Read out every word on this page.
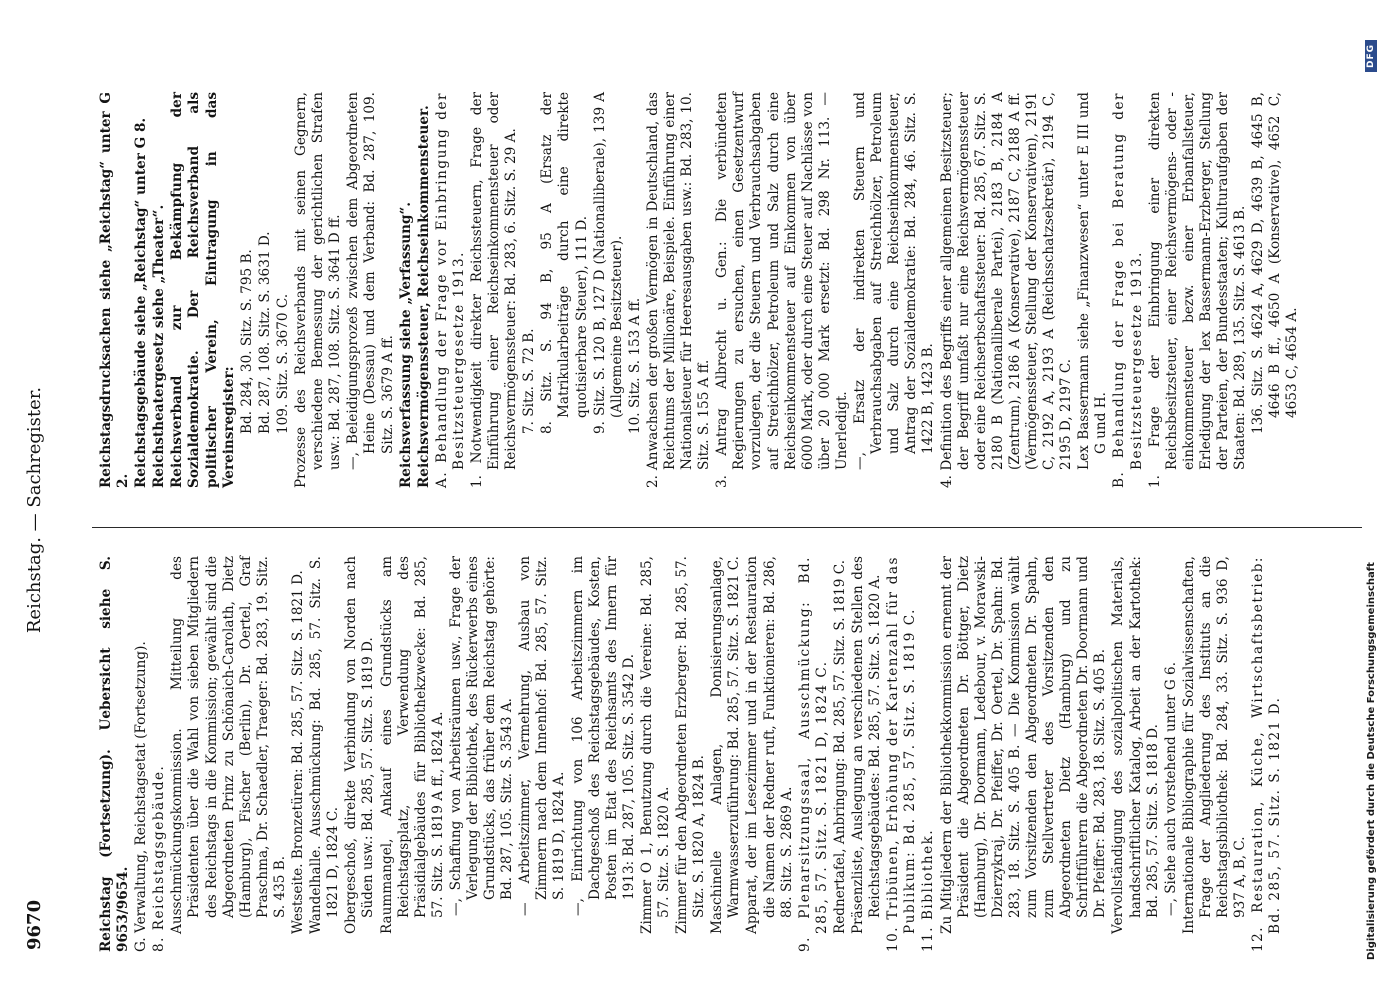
9670
Reichstag. — Sachregister.

Reichstag (Fortsetzung). Uebersicht siehe S. 9653/9654. G. Verwaltung, Reichstagsetat (Fortsetzung). 8. Reichstagsgebäude. Ausschmückungskommission. Mitteilung des Präsidenten über die Wahl von sieben Mitgliedern des Reichstags in die Kommission; gewählt sind die Abgeordneten Prinz zu Schönaich-Carolath, Dietz (Hamburg), Fischer (Berlin), Dr. Oertel, Graf Praschma, Dr. Schaedler, Traeger: Bd. 283, 19. Sitz. S. 435 B. Westseite. Bronzetüren: Bd. 285, 57. Sitz. S. 1821 D. Wandelhalle. Ausschmückung: Bd. 285, 57. Sitz. S. 1821 D, 1824 C. Obergeschoß, direkte Verbindung von Norden nach Süden usw.: Bd. 285, 57. Sitz. S. 1819 D. Raummangel, Ankauf eines Grundstücks am Reichstagsplatz, Verwendung des Präsidialgebäudes für Bibliothekzwecke: Bd. 285, 57. Sitz. S. 1819 A ff., 1824 A. —, Schaffung von Arbeitsräumen usw., Frage der Verlegung der Bibliothek, des Rückerwerbs eines Grundstücks, das früher dem Reichstag gehörte: Bd. 287, 105. Sitz. S. 3543 A. — Arbeitszimmer, Vermehrung, Ausbau von Zimmern nach dem Innenhof: Bd. 285, 57. Sitz. S. 1819 D, 1824 A. —, Einrichtung von 106 Arbeitszimmern im Dachgeschoß des Reichstagsgebäudes, Kosten, Posten im Etat des Reichsamts des Innern für 1913: Bd. 287, 105. Sitz. S. 3542 D. Zimmer O 1, Benutzung durch die Vereine: Bd. 285, 57. Sitz. S. 1820 A. Zimmer für den Abgeordneten Erzberger: Bd. 285, 57. Sitz. S. 1820 A, 1824 B. Maschinelle Anlagen, Donisierungsanlage, Warmwasserzuführung: Bd. 285, 57. Sitz. S. 1821 C. Apparat, der im Lesezimmer und in der Restauration die Namen der Redner ruft, Funktionieren: Bd. 286, 88. Sitz. S. 2869 A. 9. Plenarsitzungssaal, Ausschmückung: Bd. 285, 57. Sitz. S. 1821 D, 1824 C. Rednertafel, Anbringung: Bd. 285, 57. Sitz. S. 1819 C. Präsenzliste, Auslegung an verschiedenen Stellen des Reichstagsgebäudes: Bd. 285, 57. Sitz. S. 1820 A. 10. Tribünen, Erhöhung der Kartenzahl für das Publikum: Bd. 285, 57. Sitz. S. 1819 C. 11. Bibliothek. Zu Mitgliedern der Bibliothekkommission ernennt der Präsident die Abgeordneten Dr. Böttger, Dietz (Hamburg), Dr. Doormann, Ledebour, v. Morawski-Dzierzykraj, Dr. Pfeiffer, Dr. Oertel, Dr. Spahn: Bd. 283, 18. Sitz. S. 405 B. — Die Kommission wählt zum Vorsitzenden den Abgeordneten Dr. Spahn, zum Stellvertreter des Vorsitzenden den Abgeordneten Dietz (Hamburg) und zu Schriftführern die Abgeordneten Dr. Doormann und Dr. Pfeiffer: Bd. 283, 18. Sitz. S. 405 B. Vervollständigung des sozialpolitischen Materials, handschriftlicher Katalog, Arbeit an der Kartothek: Bd. 285, 57. Sitz. S. 1818 D. —, Siehe auch vorstehend unter G 6. Internationale Bibliographie für Sozialwissenschaften, Frage der Angliederung des Instituts an die Reichstagsbibliothek: Bd. 284, 33. Sitz. S. 936 D, 937 A, B, C. 12. Restauration, Küche, Wirtschaftsbetrieb: Bd. 285, 57. Sitz. S. 1821 D.

Reichstagsdrucksachen siehe „Reichstag“ unter G 2. Reichstagsgebäude siehe „Reichstag“ unter G 8. Reichstheatergesetz siehe „Theater“. Reichsverband zur Bekämpfung der Sozialdemokratie. Der Reichsverband als politischer Verein, Eintragung in das Vereinsregister: Bd. 284, 30. Sitz. S. 795 B. Bd. 287, 108. Sitz. S. 3631 D. 109. Sitz. S. 3670 C. Prozesse des Reichsverbands mit seinen Gegnern, verschiedene Bemessung der gerichtlichen Strafen usw.: Bd. 287, 108. Sitz. S. 3641 D ff. —, Beleidigungsprozeß zwischen dem Abgeordneten Heine (Dessau) und dem Verband: Bd. 287, 109. Sitz. S. 3679 A ff. Reichsverfassung siehe „Verfassung“. Reichsvermögenssteuer, Reichseinkommensteuer. A. Behandlung der Frage vor Einbringung der Besitzsteuergesetze 1913. 1. Notwendigkeit direkter Reichssteuern, Frage der Einführung einer Reichseinkommensteuer oder Reichsvermögenssteuer: Bd. 283, 6. Sitz. S. 29 A. 7. Sitz. S. 72 B. 8. Sitz. S. 94 B, 95 A (Ersatz der Matrikularbeiträge durch eine direkte quotisierbare Steuer), 111 D. 9. Sitz. S. 120 B, 127 D (Nationalliberale), 139 A (Allgemeine Besitzsteuer). 10. Sitz. S. 153 A ff. 2. Anwachsen der großen Vermögen in Deutschland, das Reichtums der Millionäre, Beispiele. Einführung einer Nationalsteuer für Heeresausgaben usw.: Bd. 283, 10. Sitz. S. 155 A ff. 3. Antrag Albrecht u. Gen.: Die verbündeten Regierungen zu ersuchen, einen Gesetzentwurf vorzulegen, der die Steuern und Verbrauchsabgaben auf Streichhölzer, Petroleum und Salz durch eine Reichseinkommensteuer auf Einkommen von über 6000 Mark, oder durch eine Steuer auf Nachlässe von über 20 000 Mark ersetzt: Bd. 298 Nr. 113. — Unerledigt. —, Ersatz der indirekten Steuern und Verbrauchsabgaben auf Streichhölzer, Petroleum und Salz durch eine Reichseinkommensteuer, Antrag der Sozialdemokratie: Bd. 284, 46. Sitz. S. 1422 B, 1423 B. 4. Definition des Begriffs einer allgemeinen Besitzsteuer; der Begriff umfaßt nur eine Reichsvermögenssteuer oder eine Reichserbschaftssteuer: Bd. 285, 67. Sitz. S. 2180 B (Nationalliberale Partei), 2183 B, 2184 A (Zentrum), 2186 A (Konservative), 2187 C, 2188 A ff. (Vermögenssteuer, Stellung der Konservativen), 2191 C, 2192 A, 2193 A (Reichsschatzsekretär), 2194 C, 2195 D, 2197 C. Lex Bassermann siehe „Finanzwesen“ unter E III und G und H. B. Behandlung der Frage bei Beratung der Besitzsteuergesetze 1913. 1. Frage der Einbringung einer direkten Reichsbesitzsteuer, einer Reichsvermögens- oder -einkommensteuer bezw. einer Erbanfallsteuer, Erledigung der lex Bassermann-Erzberger, Stellung der Parteien, der Bundesstaaten; Kulturaufgaben der Staaten: Bd. 289, 135. Sitz. S. 4613 B. 136. Sitz. S. 4624 A, 4629 D, 4639 B, 4645 B, 4646 B ff., 4650 A (Konservative), 4652 C, 4653 C, 4654 A.

Digitalisierung gefördert durch die Deutsche Forschungsgemeinschaft
DFG
